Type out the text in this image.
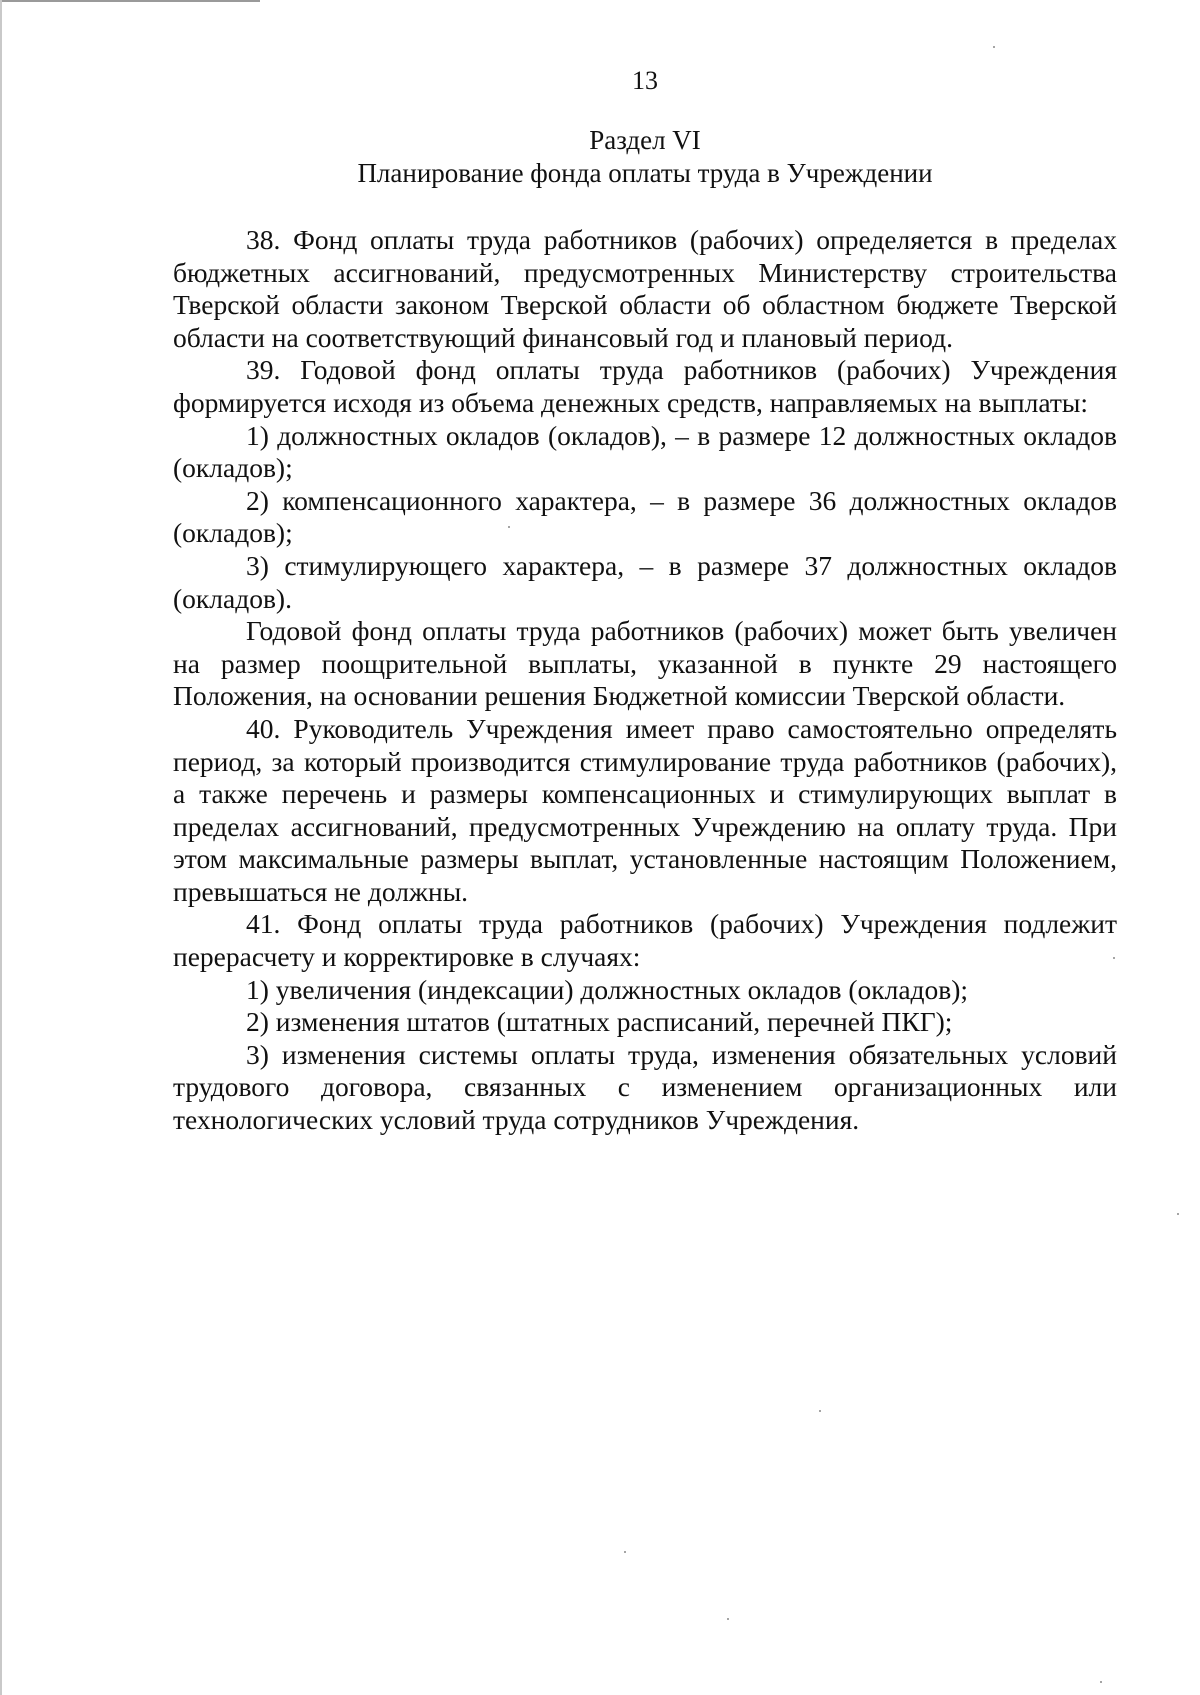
13
Раздел VI
Планирование фонда оплаты труда в Учреждении

38. Фонд оплаты труда работников (рабочих) определяется в пределах бюджетных ассигнований, предусмотренных Министерству строительства Тверской области законом Тверской области об областном бюджете Тверской области на соответствующий финансовый год и плановый период.

39. Годовой фонд оплаты труда работников (рабочих) Учреждения формируется исходя из объема денежных средств, направляемых на выплаты:

1) должностных окладов (окладов), – в размере 12 должностных окладов (окладов);

2) компенсационного характера, – в размере 36 должностных окладов (окладов);

3) стимулирующего характера, – в размере 37 должностных окладов (окладов).

Годовой фонд оплаты труда работников (рабочих) может быть увеличен на размер поощрительной выплаты, указанной в пункте 29 настоящего Положения, на основании решения Бюджетной комиссии Тверской области.

40. Руководитель Учреждения имеет право самостоятельно определять период, за который производится стимулирование труда работников (рабочих), а также перечень и размеры компенсационных и стимулирующих выплат в пределах ассигнований, предусмотренных Учреждению на оплату труда. При этом максимальные размеры выплат, установленные настоящим Положением, превышаться не должны.

41. Фонд оплаты труда работников (рабочих) Учреждения подлежит перерасчету и корректировке в случаях:

1) увеличения (индексации) должностных окладов (окладов);

2) изменения штатов (штатных расписаний, перечней ПКГ);

3) изменения системы оплаты труда, изменения обязательных условий трудового договора, связанных с изменением организационных или технологических условий труда сотрудников Учреждения.
